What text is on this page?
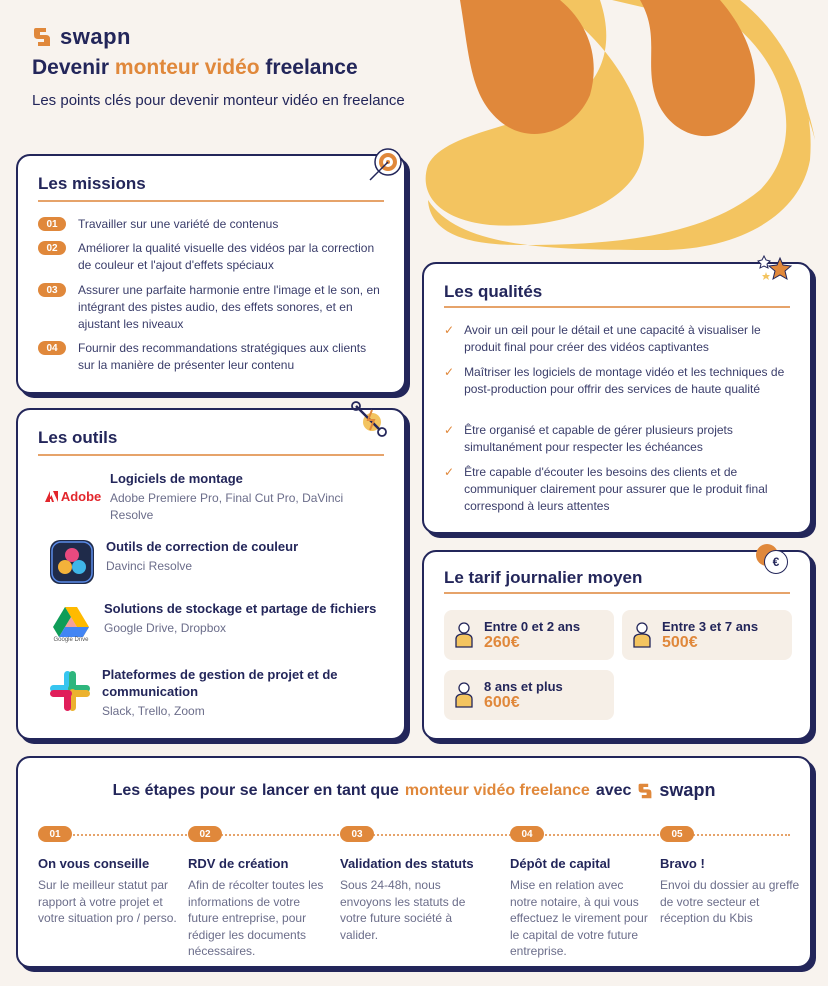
swapn
Devenir monteur vidéo freelance
Les points clés pour devenir monteur vidéo en freelance
Les missions
01	Travailler sur une variété de contenus
02	Améliorer la qualité visuelle des vidéos par la correction de couleur et l'ajout d'effets spéciaux
03	Assurer une parfaite harmonie entre l'image et le son, en intégrant des pistes audio, des effets sonores, et en ajustant les niveaux
04	Fournir des recommandations stratégiques aux clients sur la manière de présenter leur contenu
Les outils
Adobe
Logiciels de montage
Adobe Premiere Pro, Final Cut Pro, DaVinci Resolve
Outils de correction de couleur
Davinci Resolve
Google Drive
Solutions de stockage et partage de fichiers
Google Drive, Dropbox
Plateformes de gestion de projet et de communication
Slack, Trello, Zoom
Les qualités
✓ Avoir un œil pour le détail et une capacité à visualiser le produit final pour créer des vidéos captivantes
✓ Maîtriser les logiciels de montage vidéo et les techniques de post-production pour offrir des services de haute qualité
✓ Être organisé et capable de gérer plusieurs projets simultanément pour respecter les échéances
✓ Être capable d'écouter les besoins des clients et de communiquer clairement pour assurer que le produit final correspond à leurs attentes
Le tarif journalier moyen
€
Entre 0 et 2 ans
260€
Entre 3 et 7 ans
500€
8 ans et plus
600€
Les étapes pour se lancer en tant que monteur vidéo freelance avec swapn
01
On vous conseille
Sur le meilleur statut par rapport à votre projet et votre situation pro / perso.
02
RDV de création
Afin de récolter toutes les informations de votre future entreprise, pour rédiger les documents nécessaires.
03
Validation des statuts
Sous 24-48h, nous envoyons les statuts de votre future société à valider.
04
Dépôt de capital
Mise en relation avec notre notaire, à qui vous effectuez le virement pour le capital de votre future entreprise.
05
Bravo !
Envoi du dossier au greffe de votre secteur et réception du Kbis
